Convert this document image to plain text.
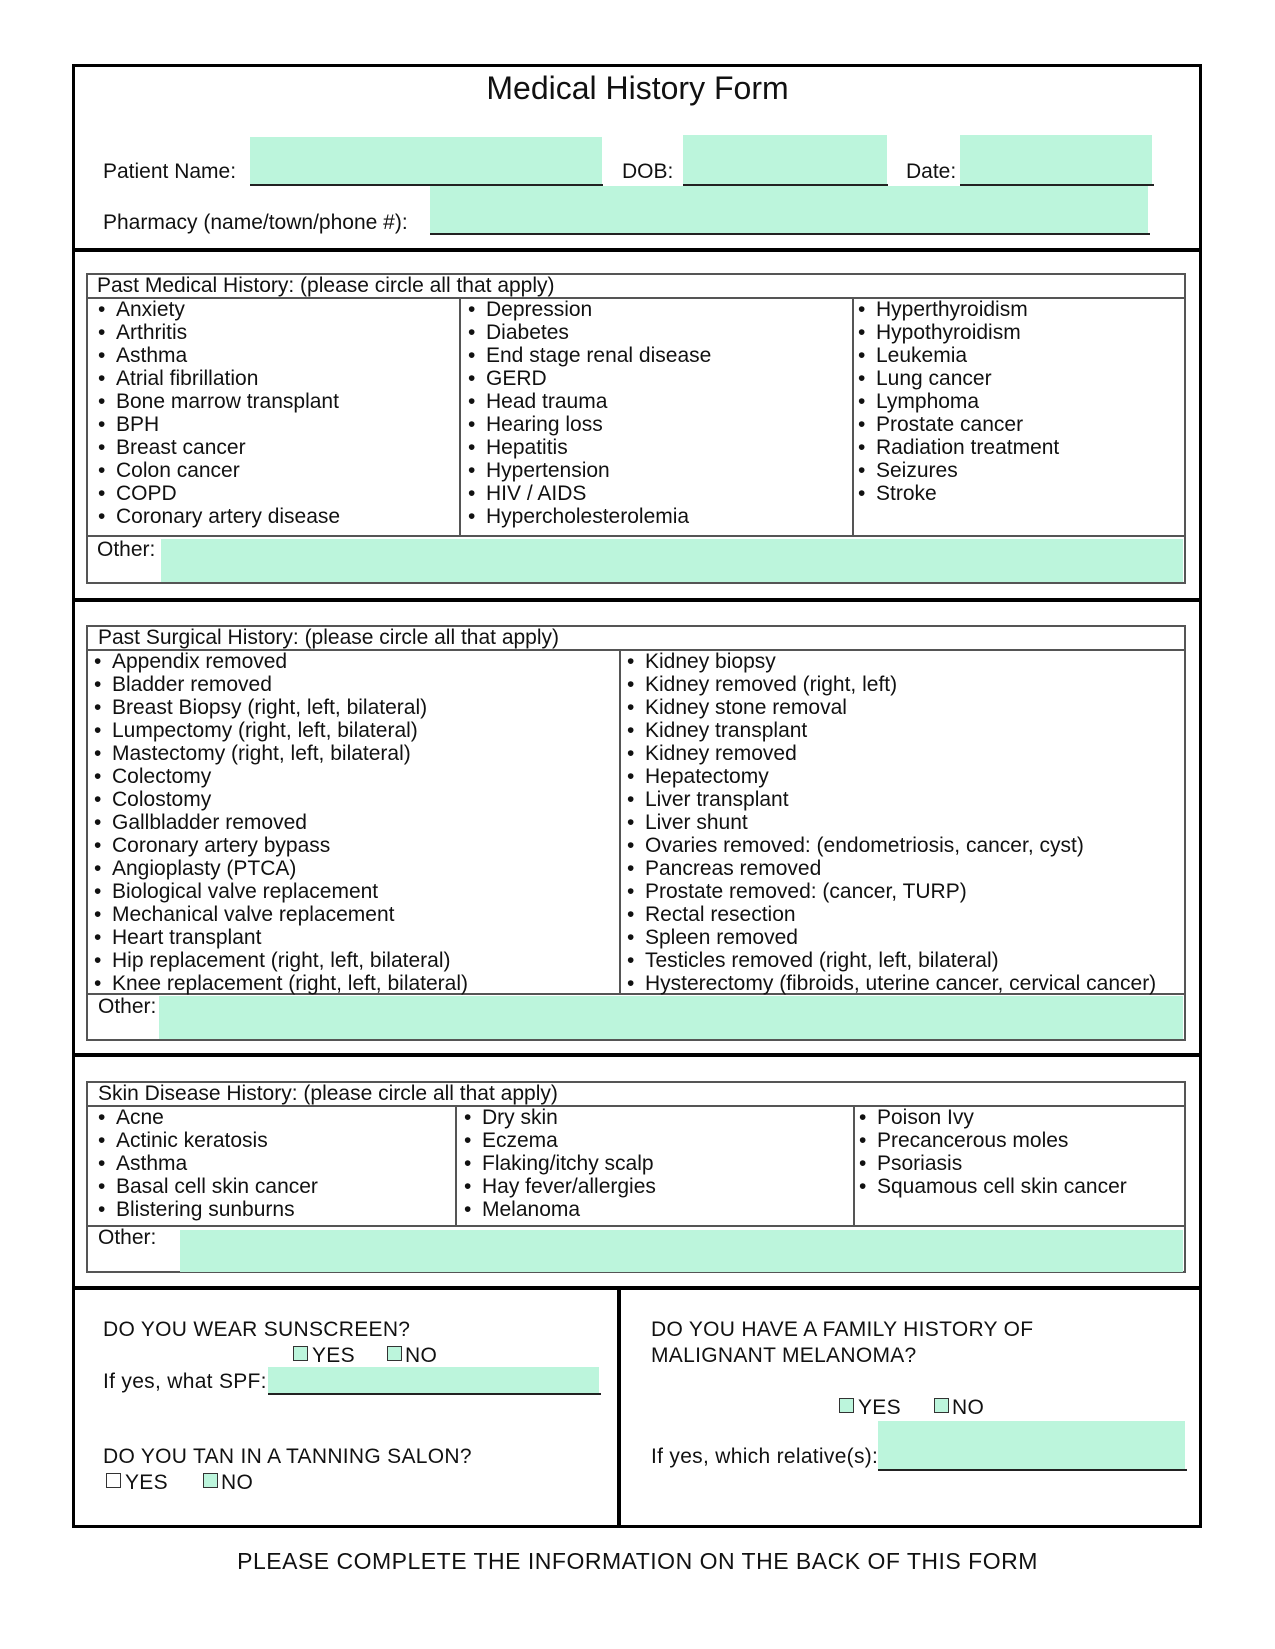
Medical History Form
Patient Name:	DOB:	Date:
Pharmacy (name/town/phone #):
Past Medical History: (please circle all that apply)
• Anxiety
• Arthritis
• Asthma
• Atrial fibrillation
• Bone marrow transplant
• BPH
• Breast cancer
• Colon cancer
• COPD
• Coronary artery disease
• Depression
• Diabetes
• End stage renal disease
• GERD
• Head trauma
• Hearing loss
• Hepatitis
• Hypertension
• HIV / AIDS
• Hypercholesterolemia
• Hyperthyroidism
• Hypothyroidism
• Leukemia
• Lung cancer
• Lymphoma
• Prostate cancer
• Radiation treatment
• Seizures
• Stroke
Other:
Past Surgical History: (please circle all that apply)
• Appendix removed
• Bladder removed
• Breast Biopsy (right, left, bilateral)
• Lumpectomy (right, left, bilateral)
• Mastectomy (right, left, bilateral)
• Colectomy
• Colostomy
• Gallbladder removed
• Coronary artery bypass
• Angioplasty (PTCA)
• Biological valve replacement
• Mechanical valve replacement
• Heart transplant
• Hip replacement (right, left, bilateral)
• Knee replacement (right, left, bilateral)
• Kidney biopsy
• Kidney removed (right, left)
• Kidney stone removal
• Kidney transplant
• Kidney removed
• Hepatectomy
• Liver transplant
• Liver shunt
• Ovaries removed: (endometriosis, cancer, cyst)
• Pancreas removed
• Prostate removed: (cancer, TURP)
• Rectal resection
• Spleen removed
• Testicles removed (right, left, bilateral)
• Hysterectomy (fibroids, uterine cancer, cervical cancer)
Other:
Skin Disease History: (please circle all that apply)
• Acne
• Actinic keratosis
• Asthma
• Basal cell skin cancer
• Blistering sunburns
• Dry skin
• Eczema
• Flaking/itchy scalp
• Hay fever/allergies
• Melanoma
• Poison Ivy
• Precancerous moles
• Psoriasis
• Squamous cell skin cancer
Other:
DO YOU WEAR SUNSCREEN?
YES NO
If yes, what SPF:
DO YOU TAN IN A TANNING SALON?
YES	NO
DO YOU HAVE A FAMILY HISTORY OF
MALIGNANT MELANOMA?
YES NO
If yes, which relative(s):
PLEASE COMPLETE THE INFORMATION ON THE BACK OF THIS FORM
